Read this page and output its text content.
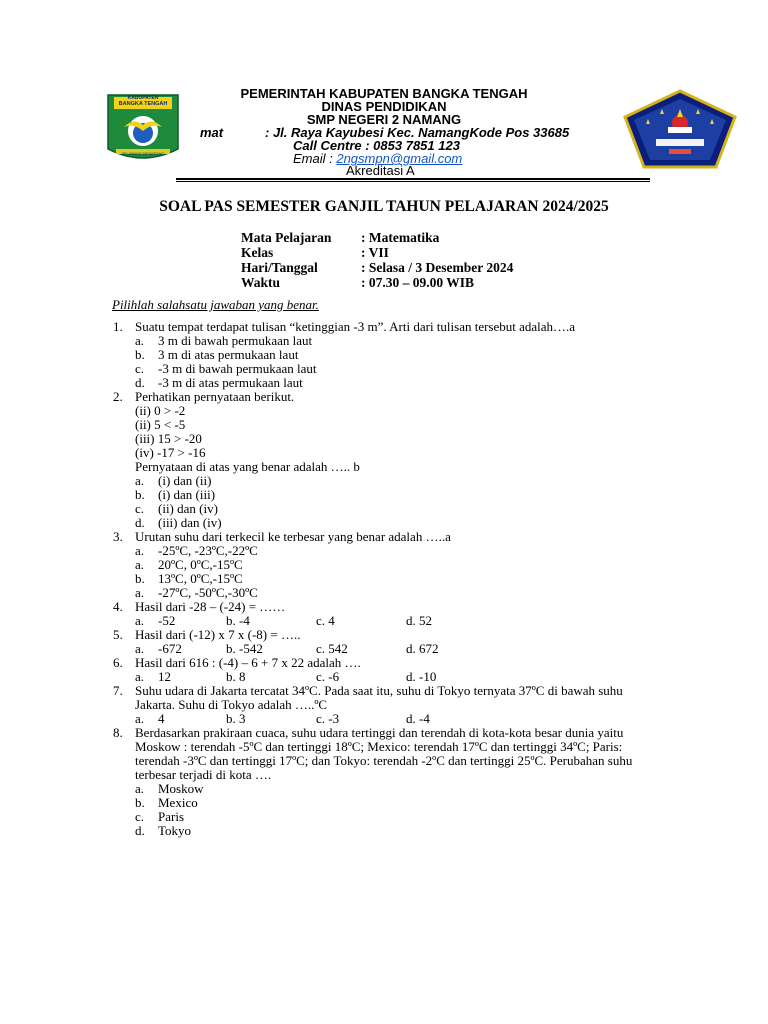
KABUPATEN
BANGKA TENGAH
SELAWANG SEGANTANG
PEMERINTAH KABUPATEN BANGKA TENGAH
DINAS PENDIDIKAN
SMP NEGERI 2 NAMANG
mat	: Jl. Raya Kayubesi Kec. NamangKode Pos 33685
Call Centre : 0853 7851 123
Email : 2ngsmpn@gmail.com
Akreditasi A
SOAL PAS SEMESTER GANJIL TAHUN PELAJARAN 2024/2025
Mata Pelajaran	: Matematika
Kelas	: VII
Hari/Tanggal	: Selasa / 3 Desember 2024
Waktu	: 07.30 – 09.00 WIB
Pilihlah salahsatu jawaban yang benar.
1. Suatu tempat terdapat tulisan “ketinggian -3 m”. Arti dari tulisan tersebut adalah….a
a. 3 m di bawah permukaan laut
b. 3 m di atas permukaan laut
c. -3 m di bawah permukaan laut
d. -3 m di atas permukaan laut
2. Perhatikan pernyataan berikut.
(ii) 0 > -2
(ii) 5 < -5
(iii) 15 > -20
(iv) -17 > -16
Pernyataan di atas yang benar adalah ….. b
a. (i) dan (ii)
b. (i) dan (iii)
c. (ii) dan (iv)
d. (iii) dan (iv)
3. Urutan suhu dari terkecil ke terbesar yang benar adalah …..a
a. -25ºC, -23ºC,-22ºC
a. 20ºC, 0ºC,-15ºC
b. 13ºC, 0ºC,-15ºC
a. -27ºC, -50ºC,-30ºC
4. Hasil dari -28 – (-24) = ……
a. -52	b. -4	c. 4	d. 52
5. Hasil dari (-12) x 7 x (-8) = …..
a. -672	b. -542	c. 542	d. 672
6. Hasil dari 616 : (-4) – 6 + 7 x 22 adalah ….
a. 12	b. 8	c. -6	d. -10
7. Suhu udara di Jakarta tercatat 34ºC. Pada saat itu, suhu di Tokyo ternyata 37ºC di bawah suhu
Jakarta. Suhu di Tokyo adalah …..ºC
a. 4	b. 3	c. -3	d. -4
8. Berdasarkan prakiraan cuaca, suhu udara tertinggi dan terendah di kota-kota besar dunia yaitu
Moskow : terendah -5ºC dan tertinggi 18ºC; Mexico: terendah 17ºC dan tertinggi 34ºC; Paris:
terendah -3ºC dan tertinggi 17ºC; dan Tokyo: terendah -2ºC dan tertinggi 25ºC. Perubahan suhu
terbesar terjadi di kota ….
a. Moskow
b. Mexico
c. Paris
d. Tokyo
